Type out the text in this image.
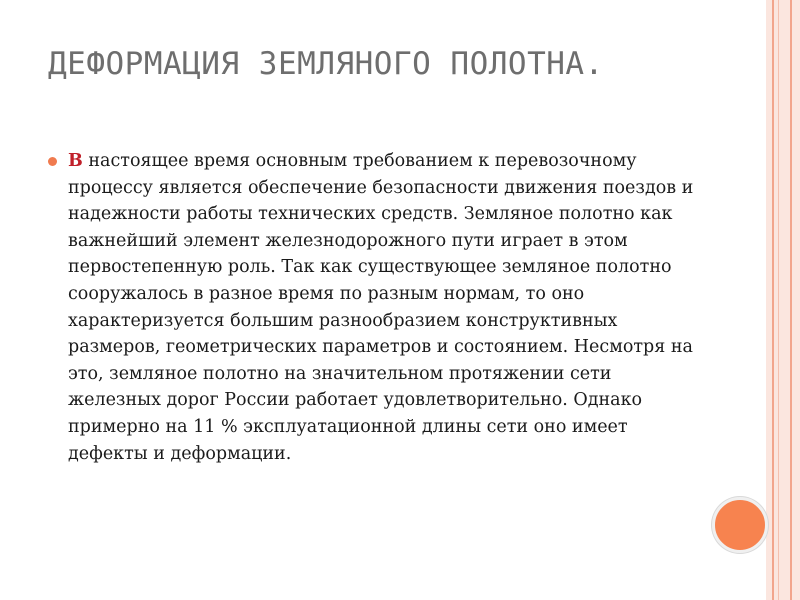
ДЕФОРМАЦИЯ ЗЕМЛЯНОГО ПОЛОТНА.

В настоящее время основным требованием к перевозочному процессу является обеспечение безопасности движения поездов и надежности работы технических средств. Земляное полотно как важнейший элемент железнодорожного пути играет в этом первостепенную роль. Так как существующее земляное полотно сооружалось в разное время по разным нормам, то оно характеризуется большим разнообразием конструктивных размеров, геометрических параметров и состоянием. Несмотря на это, земляное полотно на значительном протяжении сети железных дорог России работает удовлетворительно. Однако примерно на 11 % эксплуатационной длины сети оно имеет дефекты и деформации.
